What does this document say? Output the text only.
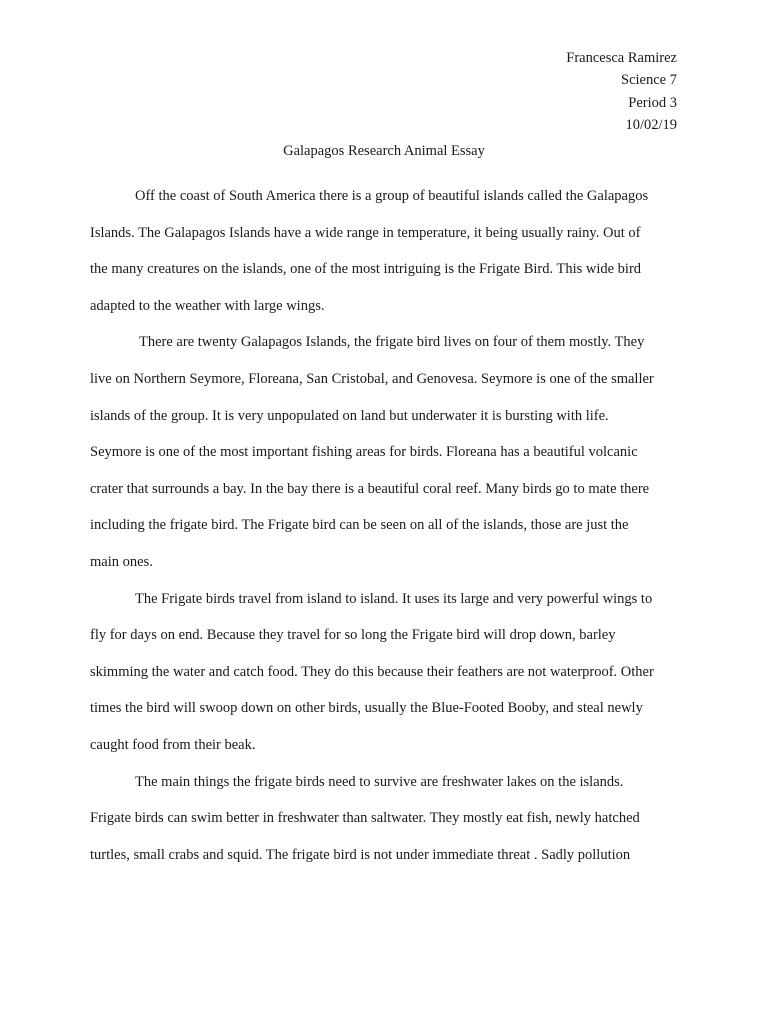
Francesca Ramirez
Science 7
Period 3
10/02/19
Galapagos Research Animal Essay
Off the coast of South America there is a group of beautiful islands called the Galapagos
Islands. The Galapagos Islands have a wide range in temperature, it being usually rainy. Out of
the many creatures on the islands, one of the most intriguing is the Frigate Bird. This wide bird
adapted to the weather with large wings.
There are twenty Galapagos Islands, the frigate bird lives on four of them mostly. They
live on Northern Seymore, Floreana, San Cristobal, and Genovesa. Seymore is one of the smaller
islands of the group. It is very unpopulated on land but underwater it is bursting with life.
Seymore is one of the most important fishing areas for birds. Floreana has a beautiful volcanic
crater that surrounds a bay. In the bay there is a beautiful coral reef. Many birds go to mate there
including the frigate bird. The Frigate bird can be seen on all of the islands, those are just the
main ones.
The Frigate birds travel from island to island. It uses its large and very powerful wings to
fly for days on end. Because they travel for so long the Frigate bird will drop down, barley
skimming the water and catch food. They do this because their feathers are not waterproof. Other
times the bird will swoop down on other birds, usually the Blue-Footed Booby, and steal newly
caught food from their beak.
The main things the frigate birds need to survive are freshwater lakes on the islands.
Frigate birds can swim better in freshwater than saltwater. They mostly eat fish, newly hatched
turtles, small crabs and squid. The frigate bird is not under immediate threat . Sadly pollution
